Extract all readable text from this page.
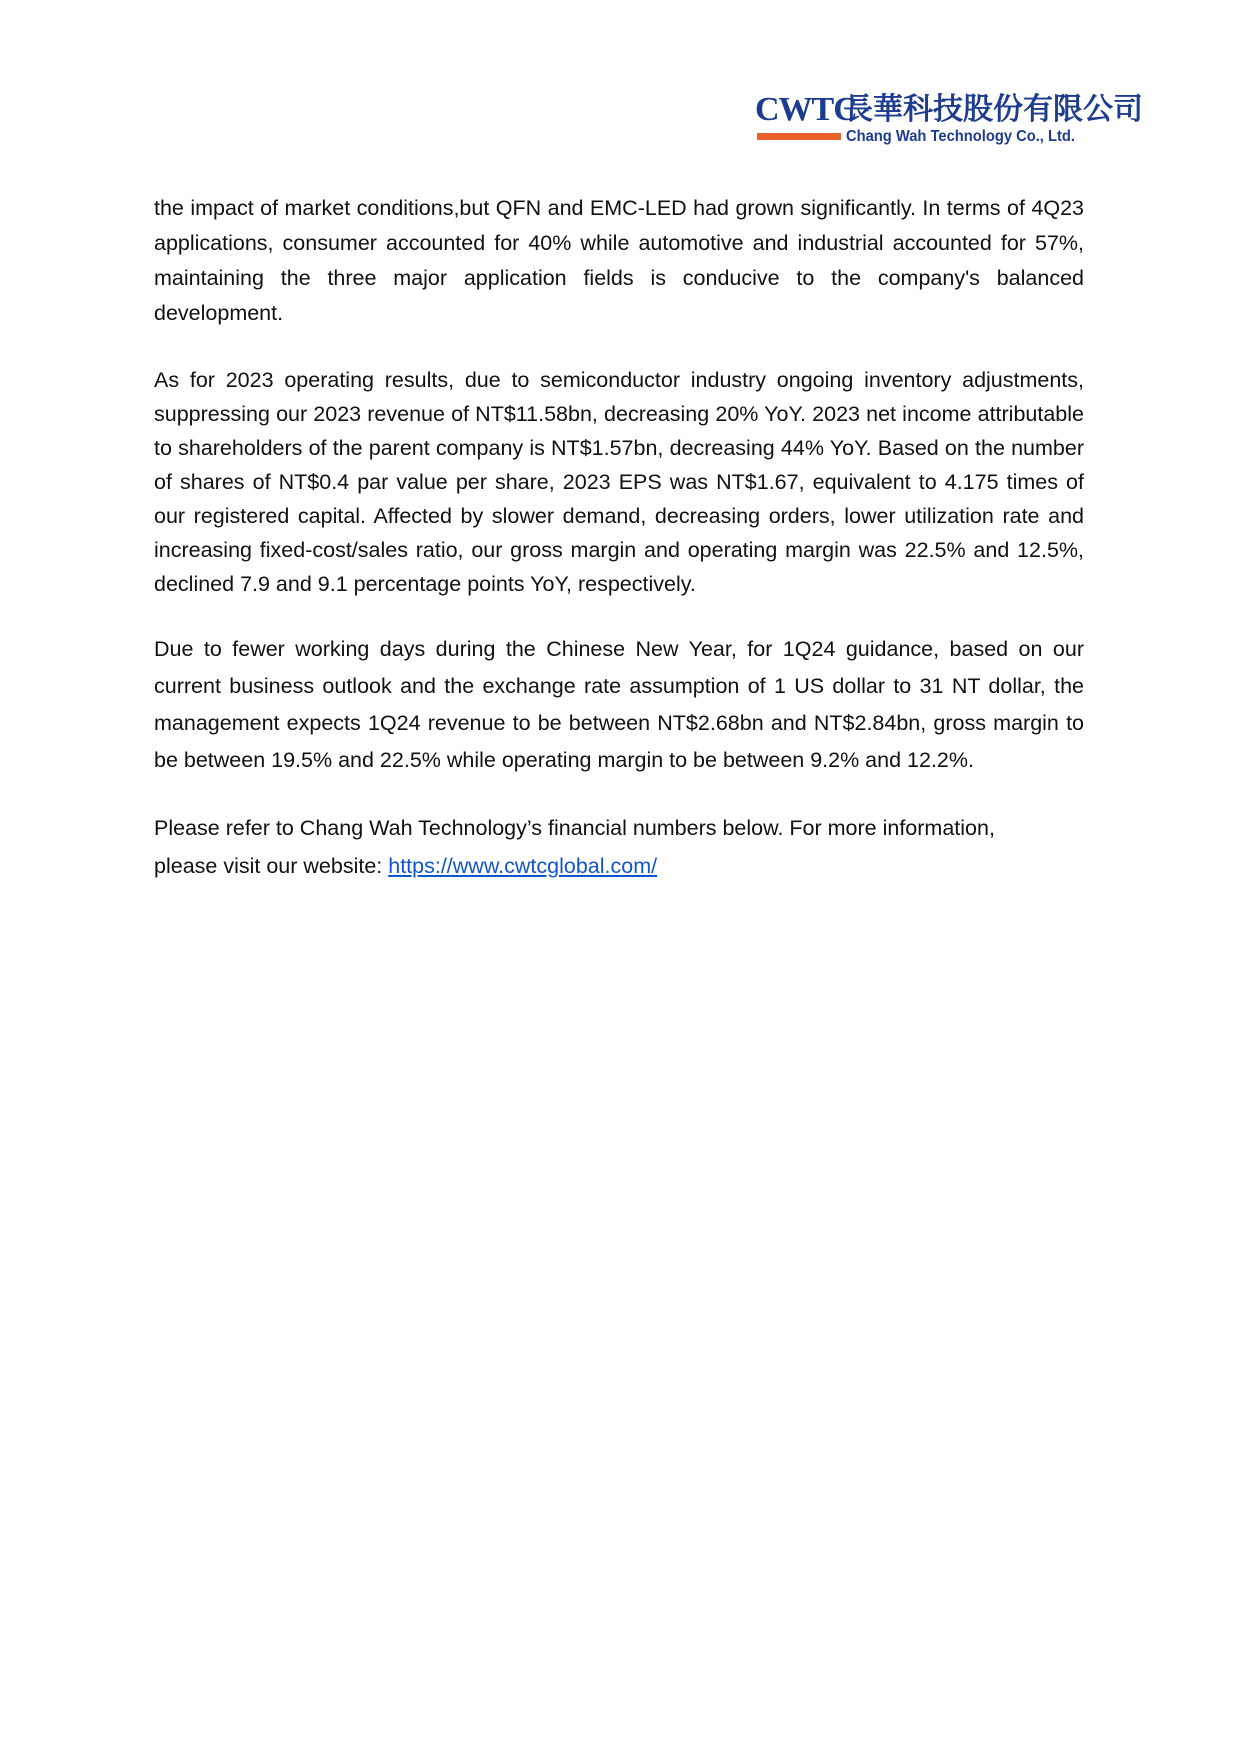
CWTC
長華科技股份有限公司
Chang Wah Technology Co., Ltd.

the impact of market conditions,but QFN and EMC-LED had grown significantly. In terms of 4Q23 applications, consumer accounted for 40% while automotive and industrial accounted for 57%, maintaining the three major application fields is conducive to the company's balanced development.

As for 2023 operating results, due to semiconductor industry ongoing inventory adjustments, suppressing our 2023 revenue of NT$11.58bn, decreasing 20% YoY. 2023 net income attributable to shareholders of the parent company is NT$1.57bn, decreasing 44% YoY. Based on the number of shares of NT$0.4 par value per share, 2023 EPS was NT$1.67, equivalent to 4.175 times of our registered capital. Affected by slower demand, decreasing orders, lower utilization rate and increasing fixed-cost/sales ratio, our gross margin and operating margin was 22.5% and 12.5%, declined 7.9 and 9.1 percentage points YoY, respectively.

Due to fewer working days during the Chinese New Year, for 1Q24 guidance, based on our current business outlook and the exchange rate assumption of 1 US dollar to 31 NT dollar, the management expects 1Q24 revenue to be between NT$2.68bn and NT$2.84bn, gross margin to be between 19.5% and 22.5% while operating margin to be between 9.2% and 12.2%.

Please refer to Chang Wah Technology’s financial numbers below. For more information,
please visit our website: https://www.cwtcglobal.com/
